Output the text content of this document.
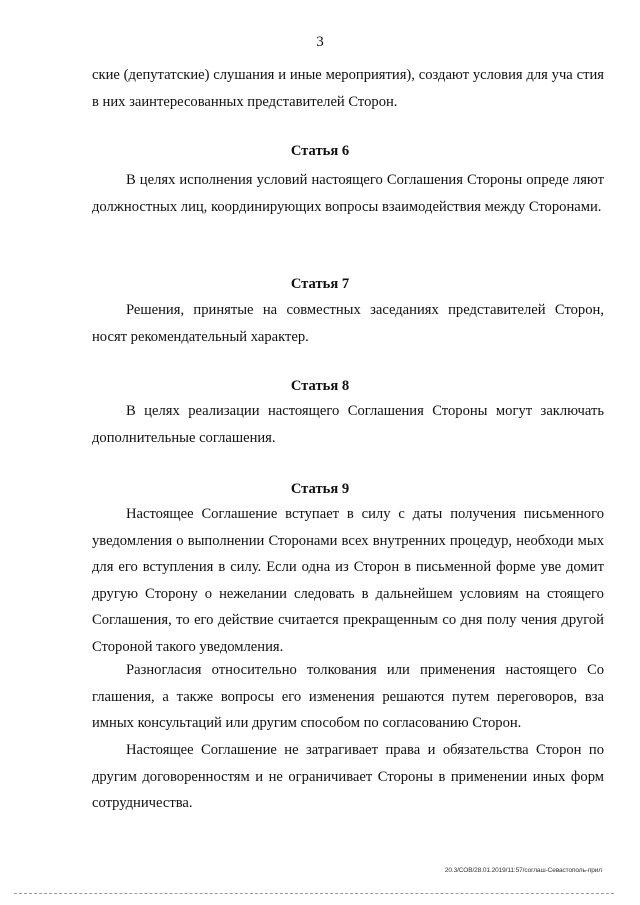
3

ские (депутатские) слушания и иные мероприятия), создают условия для уча стия в них заинтересованных представителей Сторон.

Статья 6

В целях исполнения условий настоящего Соглашения Стороны опреде ляют должностных лиц, координирующих вопросы взаимодействия между Сторонами.

Статья 7

Решения, принятые на совместных заседаниях представителей Сторон, носят рекомендательный характер.

Статья 8

В целях реализации настоящего Соглашения Стороны могут заключать дополнительные соглашения.

Статья 9

Настоящее Соглашение вступает в силу с даты получения письменного уведомления о выполнении Сторонами всех внутренних процедур, необходи мых для его вступления в силу. Если одна из Сторон в письменной форме уве домит другую Сторону о нежелании следовать в дальнейшем условиям на стоящего Соглашения, то его действие считается прекращенным со дня полу чения другой Стороной такого уведомления.

Разногласия относительно толкования или применения настоящего Со глашения, а также вопросы его изменения решаются путем переговоров, вза имных консультаций или другим способом по согласованию Сторон.

Настоящее Соглашение не затрагивает права и обязательства Сторон по другим договоренностям и не ограничивает Стороны в применении иных форм сотрудничества.

20.3/СОВ/28.01.2019/11:57/соглаш-Севастополь-прил
